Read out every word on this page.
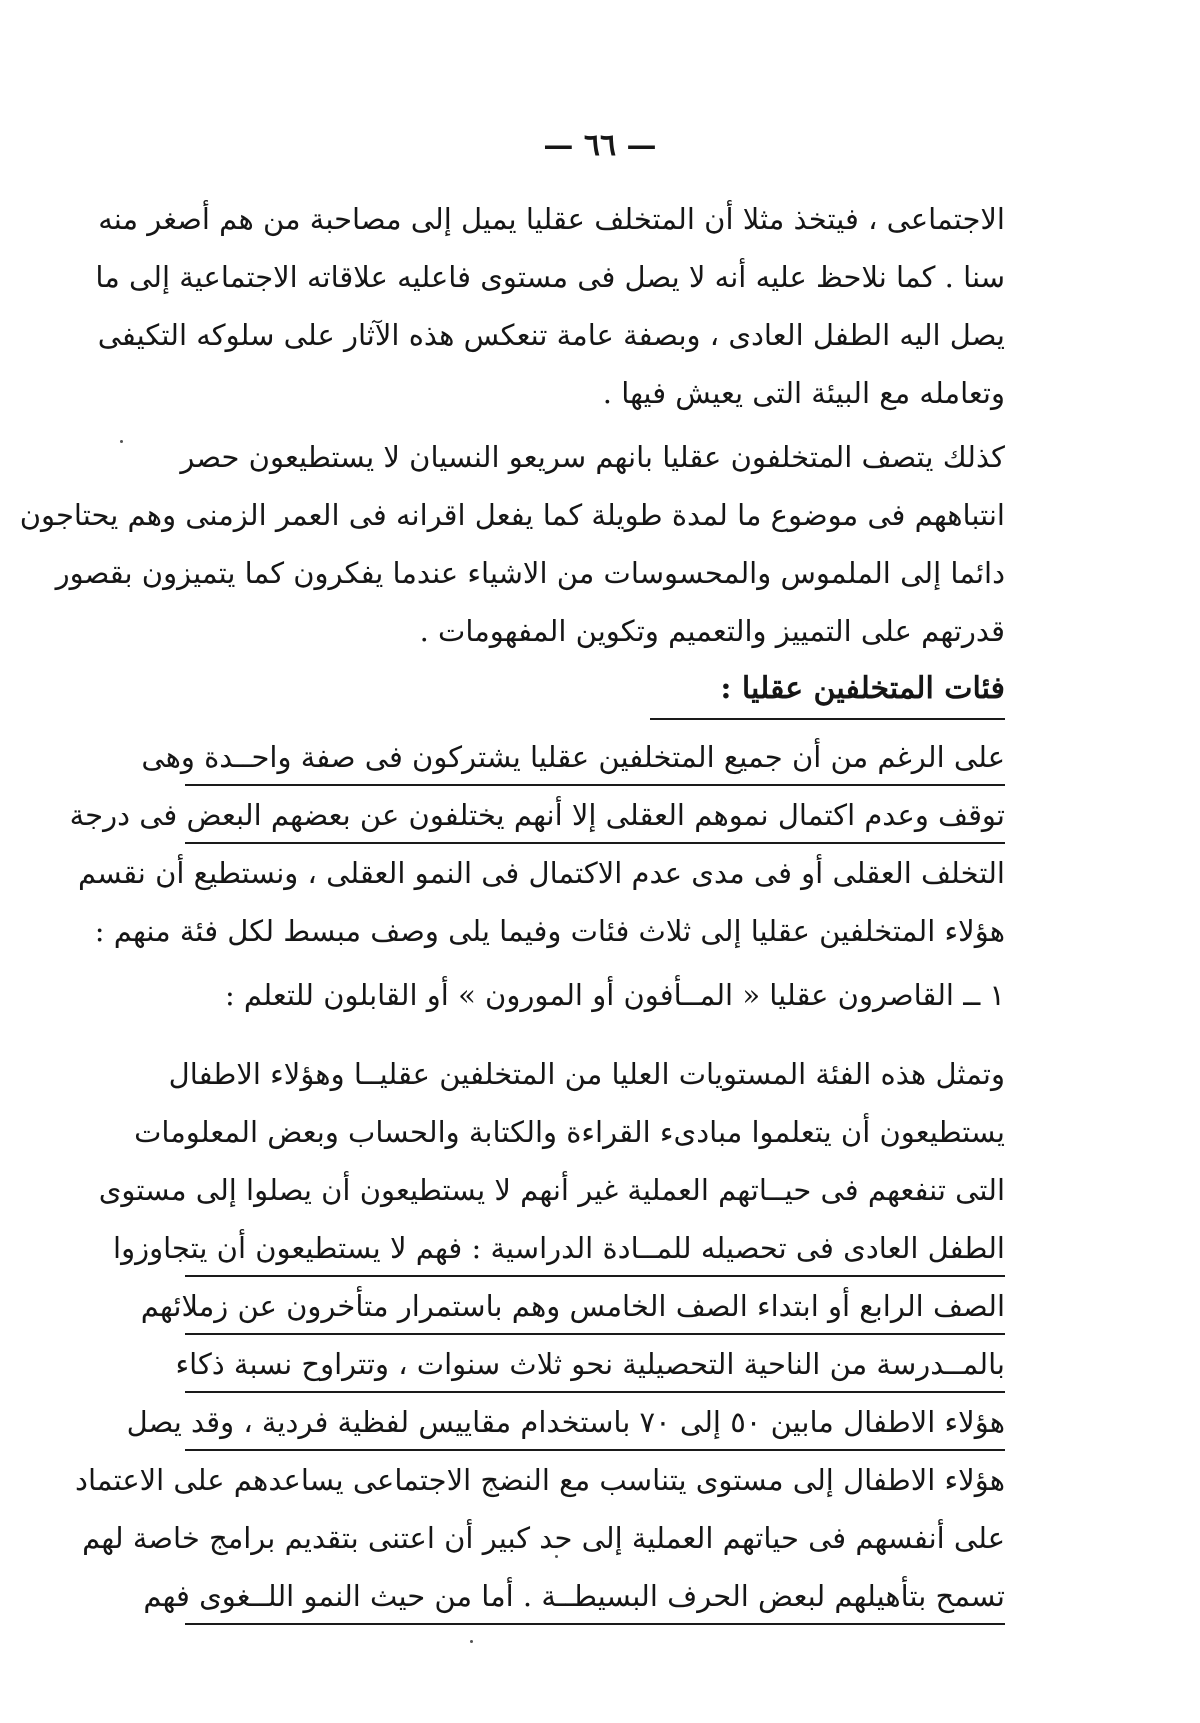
— ٦٦ —
الاجتماعى ، فيتخذ مثلا أن المتخلف عقليا يميل إلى مصاحبة من هم أصغر منه
سنا . كما نلاحظ عليه أنه لا يصل فى مستوى فاعليه علاقاته الاجتماعية إلى ما
يصل اليه الطفل العادى ، وبصفة عامة تنعكس هذه الآثار على سلوكه التكيفى
وتعامله مع البيئة التى يعيش فيها .
كذلك يتصف المتخلفون عقليا بانهم سريعو النسيان لا يستطيعون حصر
انتباههم فى موضوع ما لمدة طويلة كما يفعل اقرانه فى العمر الزمنى وهم يحتاجون
دائما إلى الملموس والمحسوسات من الاشياء عندما يفكرون كما يتميزون بقصور
قدرتهم على التمييز والتعميم وتكوين المفهومات .
فئات المتخلفين عقليا :
على الرغم من أن جميع المتخلفين عقليا يشتركون فى صفة واحــدة وهى
توقف وعدم اكتمال نموهم العقلى إلا أنهم يختلفون عن بعضهم البعض فى درجة
التخلف العقلى أو فى مدى عدم الاكتمال فى النمو العقلى ، ونستطيع أن نقسم
هؤلاء المتخلفين عقليا إلى ثلاث فئات وفيما يلى وصف مبسط لكل فئة منهم :
١ ــ القاصرون عقليا « المــأفون أو المورون » أو القابلون للتعلم :
وتمثل هذه الفئة المستويات العليا من المتخلفين عقليــا وهؤلاء الاطفال
يستطيعون أن يتعلموا مبادىء القراءة والكتابة والحساب وبعض المعلومات
التى تنفعهم فى حيــاتهم العملية غير أنهم لا يستطيعون أن يصلوا إلى مستوى
الطفل العادى فى تحصيله للمــادة الدراسية : فهم لا يستطيعون أن يتجاوزوا
الصف الرابع أو ابتداء الصف الخامس وهم باستمرار متأخرون عن زملائهم
بالمــدرسة من الناحية التحصيلية نحو ثلاث سنوات ، وتتراوح نسبة ذكاء
هؤلاء الاطفال مابين ٥٠ إلى ٧٠ باستخدام مقاييس لفظية فردية ، وقد يصل
هؤلاء الاطفال إلى مستوى يتناسب مع النضج الاجتماعى يساعدهم على الاعتماد
على أنفسهم فى حياتهم العملية إلى حد كبير أن اعتنى بتقديم برامج خاصة لهم
تسمح بتأهيلهم لبعض الحرف البسيطــة . أما من حيث النمو اللــغوى فهم
